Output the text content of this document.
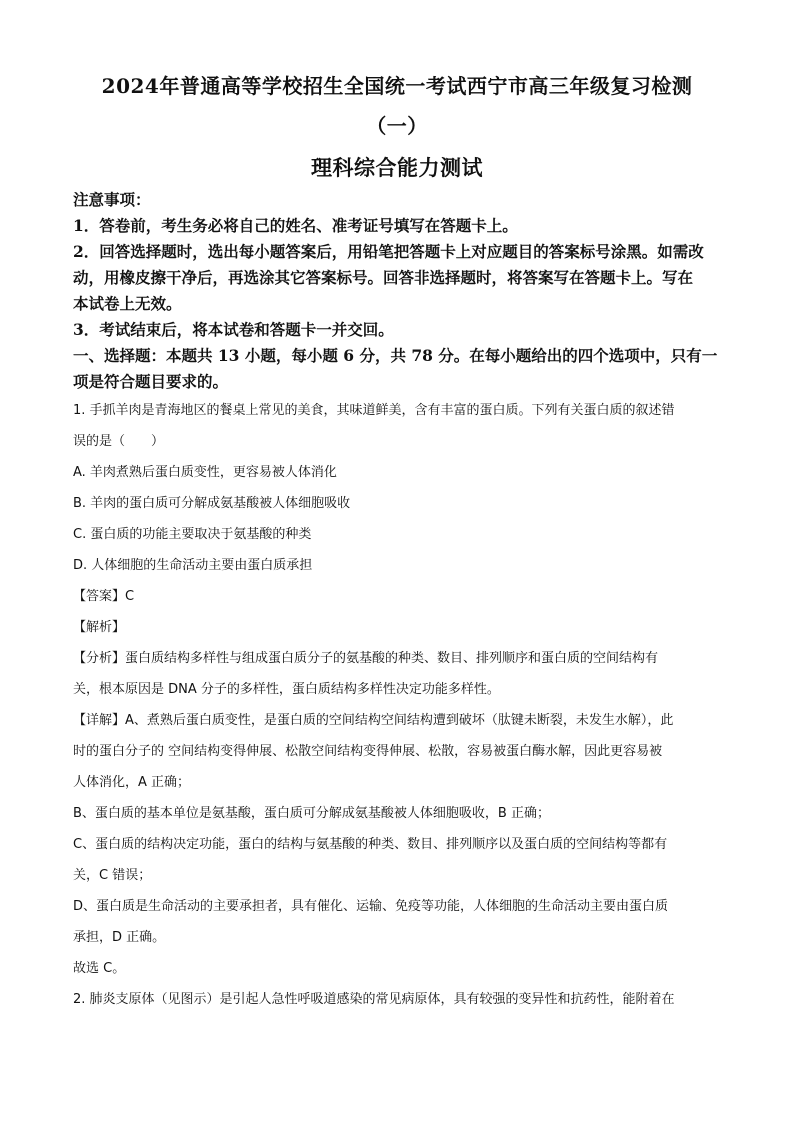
2024年普通高等学校招生全国统一考试西宁市高三年级复习检测
（一）
理科综合能力测试
注意事项：
1．答卷前，考生务必将自己的姓名、准考证号填写在答题卡上。
2．回答选择题时，选出每小题答案后，用铅笔把答题卡上对应题目的答案标号涂黑。如需改
动，用橡皮擦干净后，再选涂其它答案标号。回答非选择题时，将答案写在答题卡上。写在
本试卷上无效。
3．考试结束后，将本试卷和答题卡一并交回。
一、选择题：本题共 13 小题，每小题 6 分，共 78 分。在每小题给出的四个选项中，只有一
项是符合题目要求的。
1. 手抓羊肉是青海地区的餐桌上常见的美食，其味道鲜美，含有丰富的蛋白质。下列有关蛋白质的叙述错
误的是（　　）
A. 羊肉煮熟后蛋白质变性，更容易被人体消化
B. 羊肉的蛋白质可分解成氨基酸被人体细胞吸收
C. 蛋白质的功能主要取决于氨基酸的种类
D. 人体细胞的生命活动主要由蛋白质承担
【答案】C
【解析】
【分析】蛋白质结构多样性与组成蛋白质分子的氨基酸的种类、数目、排列顺序和蛋白质的空间结构有
关，根本原因是 DNA 分子的多样性，蛋白质结构多样性决定功能多样性。
【详解】A、煮熟后蛋白质变性，是蛋白质的空间结构空间结构遭到破坏（肽键未断裂，未发生水解），此
时的蛋白分子的 空间结构变得伸展、松散空间结构变得伸展、松散，容易被蛋白酶水解，因此更容易被
人体消化，A 正确；
B、蛋白质的基本单位是氨基酸，蛋白质可分解成氨基酸被人体细胞吸收，B 正确；
C、蛋白质的结构决定功能，蛋白的结构与氨基酸的种类、数目、排列顺序以及蛋白质的空间结构等都有
关，C 错误；
D、蛋白质是生命活动的主要承担者，具有催化、运输、免疫等功能，人体细胞的生命活动主要由蛋白质
承担，D 正确。
故选 C。
2. 肺炎支原体（见图示）是引起人急性呼吸道感染的常见病原体，具有较强的变异性和抗药性，能附着在
